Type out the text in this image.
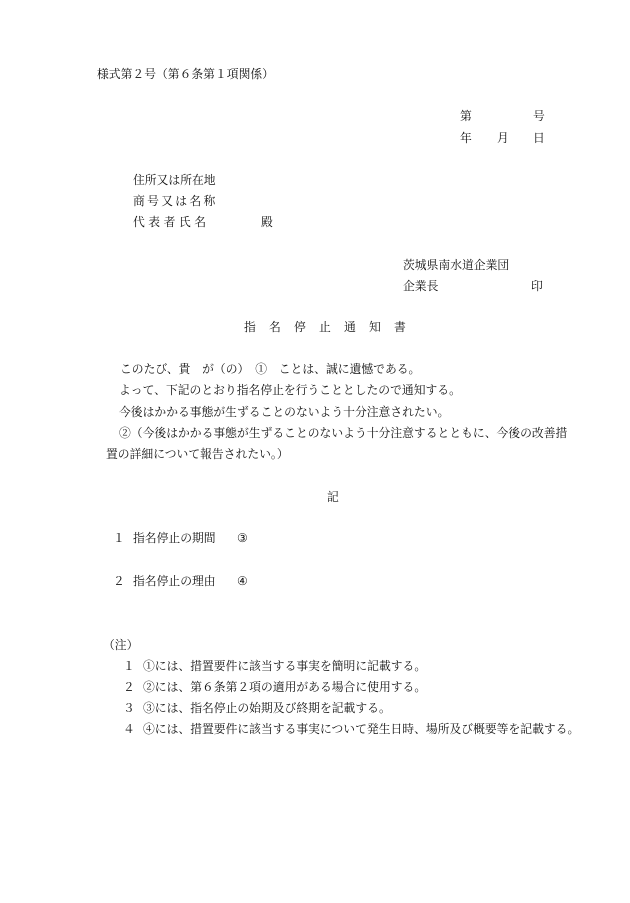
様式第２号（第６条第１項関係）
第	号
年 月 日
住所又は所在地
商号又は名称
代表者氏名	殿
茨城県南水道企業団
企業長	印
指名停止通知書
このたび、貴　が（の）　①　ことは、誠に遺憾である。
よって、下記のとおり指名停止を行うこととしたので通知する。
今後はかかる事態が生ずることのないよう十分注意されたい。
②（今後はかかる事態が生ずることのないよう十分注意するとともに、今後の改善措
置の詳細について報告されたい。）
記
１ 指名停止の期間 ③
２ 指名停止の理由 ④
（注）
１ ①には、措置要件に該当する事実を簡明に記載する。
２ ②には、第６条第２項の適用がある場合に使用する。
３ ③には、指名停止の始期及び終期を記載する。
４ ④には、措置要件に該当する事実について発生日時、場所及び概要等を記載する。
